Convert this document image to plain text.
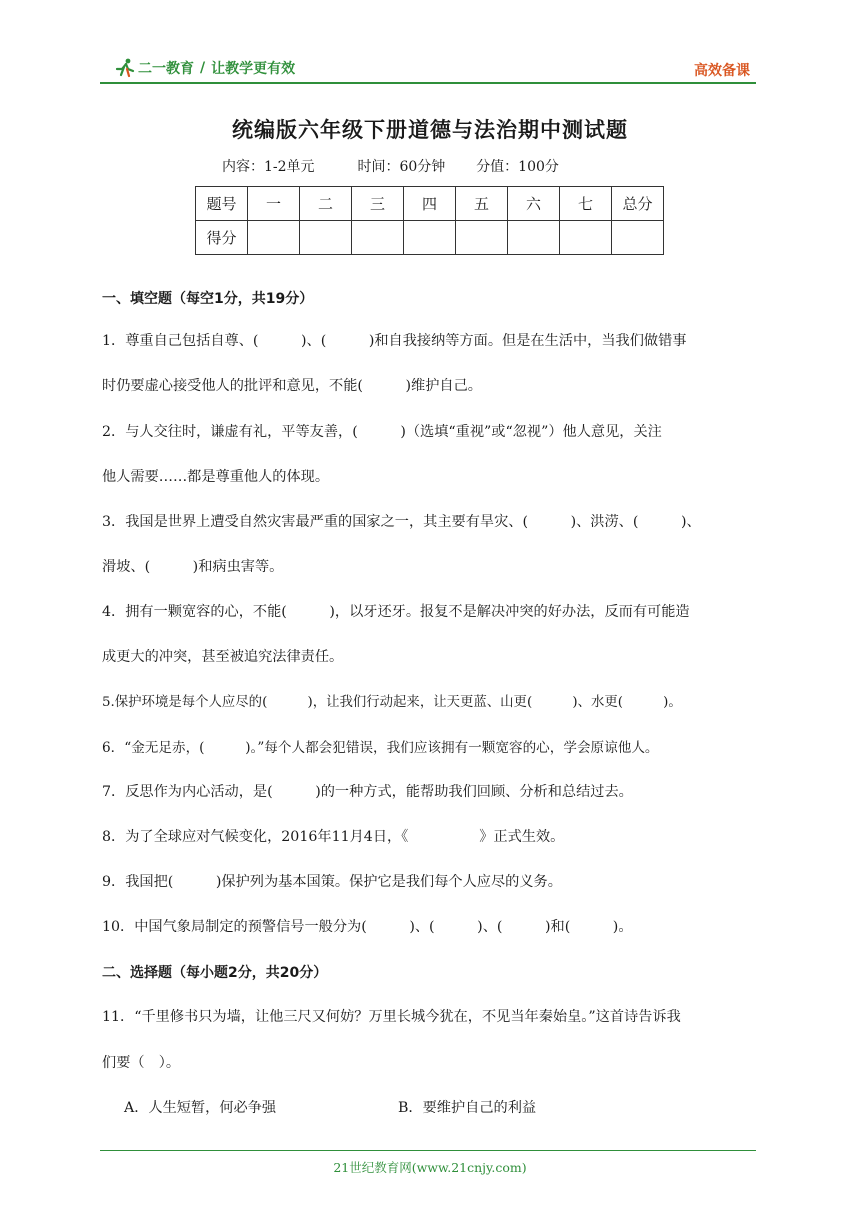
二一教育 / 让教学更有效	高效备课
统编版六年级下册道德与法治期中测试题
内容：1-2单元	时间：60分钟 分值：100分
题号	一	二	三	四	五	六	七	总分
得分								
一、填空题（每空1分，共19分）
1．尊重自己包括自尊、(　　　)、(　　　)和自我接纳等方面。但是在生活中，当我们做错事
时仍要虚心接受他人的批评和意见，不能(　　　)维护自己。
2．与人交往时，谦虚有礼，平等友善，(　　　)（选填“重视”或“忽视”）他人意见，关注
他人需要……都是尊重他人的体现。
3．我国是世界上遭受自然灾害最严重的国家之一，其主要有旱灾、(　　　)、洪涝、(　　　)、
滑坡、(　　　)和病虫害等。
4．拥有一颗宽容的心，不能(　　　)，以牙还牙。报复不是解决冲突的好办法，反而有可能造
成更大的冲突，甚至被追究法律责任。
5.保护环境是每个人应尽的(　　　)，让我们行动起来，让天更蓝、山更(　　　)、水更(　　　)。
6．“金无足赤，(　　　)。”每个人都会犯错误，我们应该拥有一颗宽容的心，学会原谅他人。
7．反思作为内心活动，是(　　　)的一种方式，能帮助我们回顾、分析和总结过去。
8．为了全球应对气候变化，2016年11月4日，《　　　　　》正式生效。
9．我国把(　　　)保护列为基本国策。保护它是我们每个人应尽的义务。
10．中国气象局制定的预警信号一般分为(　　　)、(　　　)、(　　　)和(　　　)。
二、选择题（每小题2分，共20分）
11．“千里修书只为墙，让他三尺又何妨？万里长城今犹在，不见当年秦始皇。”这首诗告诉我
们要（　）。
A．人生短暂，何必争强	B．要维护自己的利益
21世纪教育网(www.21cnjy.com)
